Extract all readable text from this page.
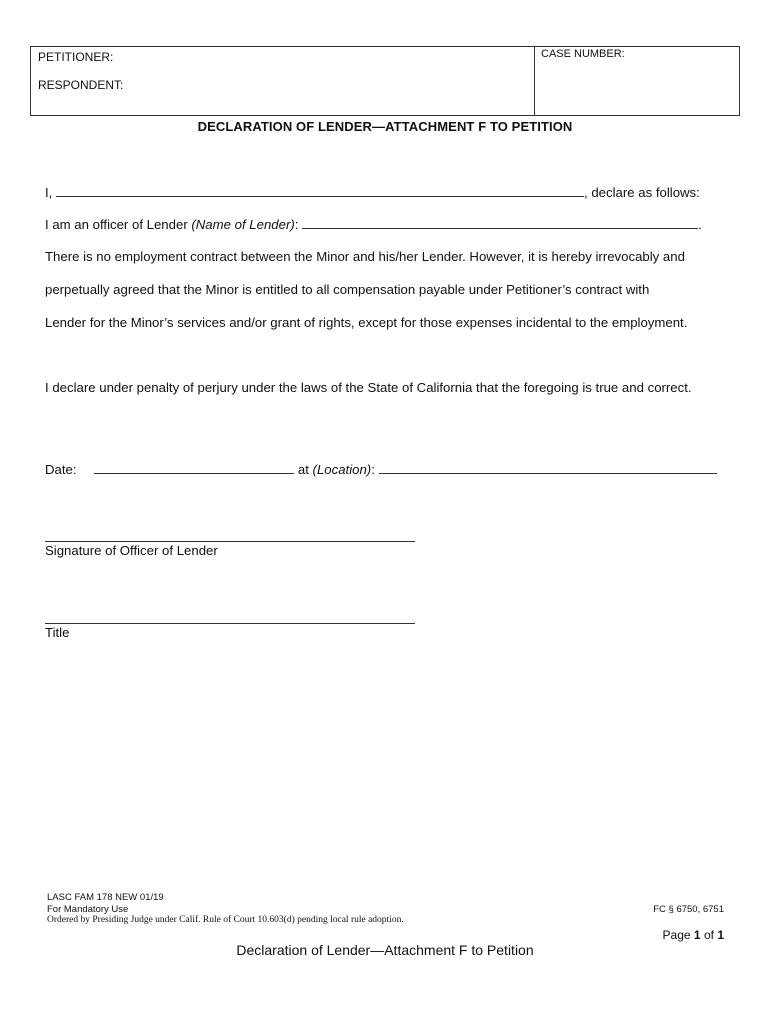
PETITIONER:
RESPONDENT:
CASE NUMBER:
DECLARATION OF LENDER—ATTACHMENT F TO PETITION
I,	, declare as follows:
I am an officer of Lender (Name of Lender):	.
There is no employment contract between the Minor and his/her Lender. However, it is hereby irrevocably and
perpetually agreed that the Minor is entitled to all compensation payable under Petitioner’s contract with
Lender for the Minor’s services and/or grant of rights, except for those expenses incidental to the employment.
I declare under penalty of perjury under the laws of the State of California that the foregoing is true and correct.
Date:	at (Location):
Signature of Officer of Lender
Title
LASC FAM 178 NEW 01/19
For Mandatory Use
Ordered by Presiding Judge under Calif. Rule of Court 10.603(d) pending local rule adoption.
FC § 6750, 6751
Page 1 of 1
Declaration of Lender—Attachment F to Petition
